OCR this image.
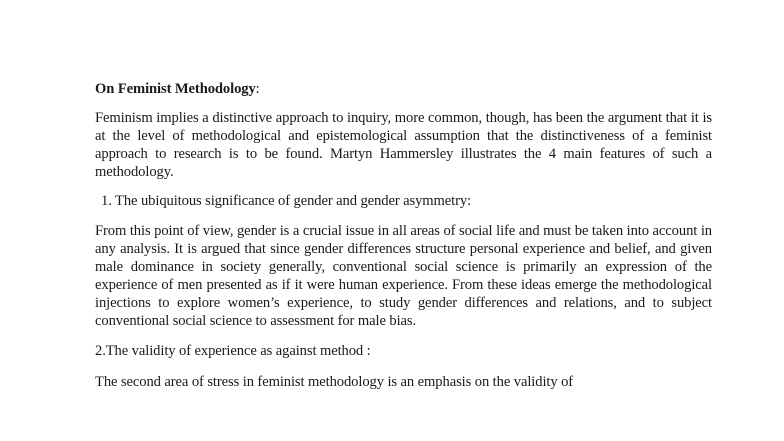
On Feminist Methodology:

Feminism implies a distinctive approach to inquiry, more common, though, has been the argument that it is at the level of methodological and epistemological assumption that the distinctiveness of a feminist approach to research is to be found. Martyn Hammersley illustrates the 4 main features of such a methodology.

1. The ubiquitous significance of gender and gender asymmetry:

From this point of view, gender is a crucial issue in all areas of social life and must be taken into account in any analysis. It is argued that since gender differences structure personal experience and belief, and given male dominance in society generally, conventional social science is primarily an expression of the experience of men presented as if it were human experience. From these ideas emerge the methodological injections to explore women’s experience, to study gender differences and relations, and to subject conventional social science to assessment for male bias.

2.The validity of experience as against method :

The second area of stress in feminist methodology is an emphasis on the validity of
